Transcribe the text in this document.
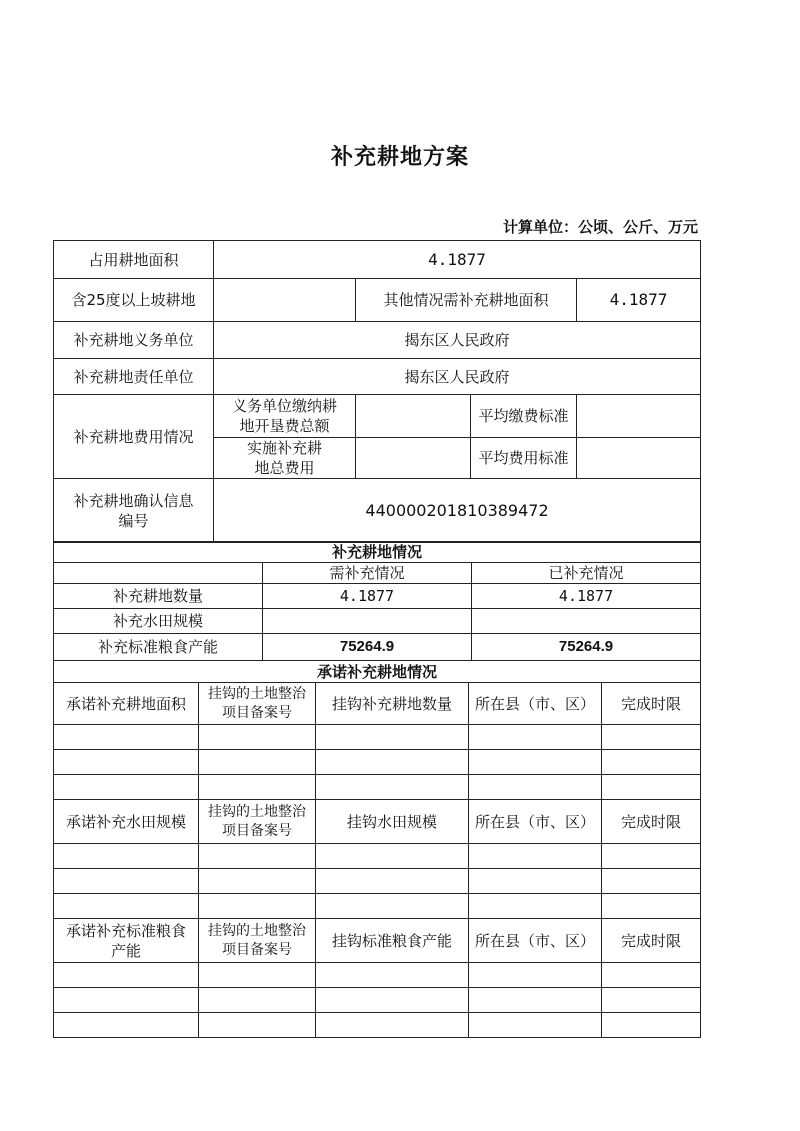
补充耕地方案
计算单位：公顷、公斤、万元
占用耕地面积	4.1877			
含25度以上坡耕地		其他情况需补充耕地面积		4.1877
补充耕地义务单位	揭东区人民政府			
补充耕地责任单位	揭东区人民政府			
补充耕地费用情况	义务单位缴纳耕地开垦费总额		平均缴费标准	

	实施补充耕地总费用		平均费用标准	

补充耕地确认信息编号	440000201810389472			
补充耕地情况		
	需补充情况	已补充情况
补充耕地数量	4.1877	4.1877
补充水田规模		
补充标准粮食产能	75264.9	75264.9
承诺补充耕地情况				
承诺补充耕地面积	挂钩的土地整治项目备案号	挂钩补充耕地数量	所在县（市、区）	完成时限

承诺补充水田规模	挂钩的土地整治项目备案号	挂钩水田规模	所在县（市、区）	完成时限

承诺补充标准粮食产能	挂钩的土地整治项目备案号	挂钩标准粮食产能	所在县（市、区）	完成时限
